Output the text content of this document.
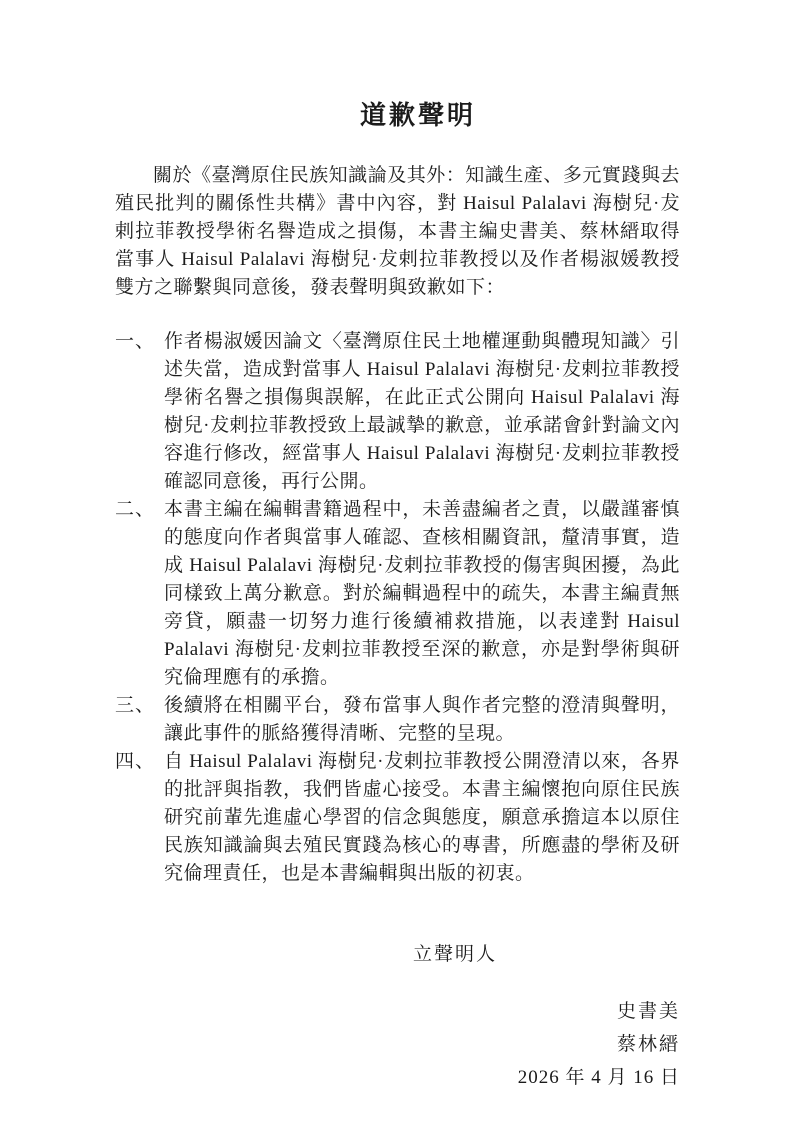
道歉聲明

關於《臺灣原住民族知識論及其外：知識生產、多元實踐與去殖民批判的關係性共構》書中內容，對 Haisul Palalavi 海樹兒·犮剌拉菲教授學術名譽造成之損傷，本書主編史書美、蔡林縉取得當事人 Haisul Palalavi 海樹兒·犮剌拉菲教授以及作者楊淑媛教授雙方之聯繫與同意後，發表聲明與致歉如下：

一、 作者楊淑媛因論文〈臺灣原住民土地權運動與體現知識〉引述失當，造成對當事人 Haisul Palalavi 海樹兒·犮剌拉菲教授學術名譽之損傷與誤解，在此正式公開向 Haisul Palalavi 海樹兒·犮剌拉菲教授致上最誠摯的歉意，並承諾會針對論文內容進行修改，經當事人 Haisul Palalavi 海樹兒·犮剌拉菲教授確認同意後，再行公開。
二、 本書主編在編輯書籍過程中，未善盡編者之責，以嚴謹審慎的態度向作者與當事人確認、查核相關資訊，釐清事實，造成 Haisul Palalavi 海樹兒·犮剌拉菲教授的傷害與困擾，為此同樣致上萬分歉意。對於編輯過程中的疏失，本書主編責無旁貸，願盡一切努力進行後續補救措施，以表達對 Haisul Palalavi 海樹兒·犮剌拉菲教授至深的歉意，亦是對學術與研究倫理應有的承擔。
三、 後續將在相關平台，發布當事人與作者完整的澄清與聲明，讓此事件的脈絡獲得清晰、完整的呈現。
四、 自 Haisul Palalavi 海樹兒·犮剌拉菲教授公開澄清以來，各界的批評與指教，我們皆虛心接受。本書主編懷抱向原住民族研究前輩先進虛心學習的信念與態度，願意承擔這本以原住民族知識論與去殖民實踐為核心的專書，所應盡的學術及研究倫理責任，也是本書編輯與出版的初衷。
立聲明人
史書美
蔡林縉
2026 年 4 月 16 日
